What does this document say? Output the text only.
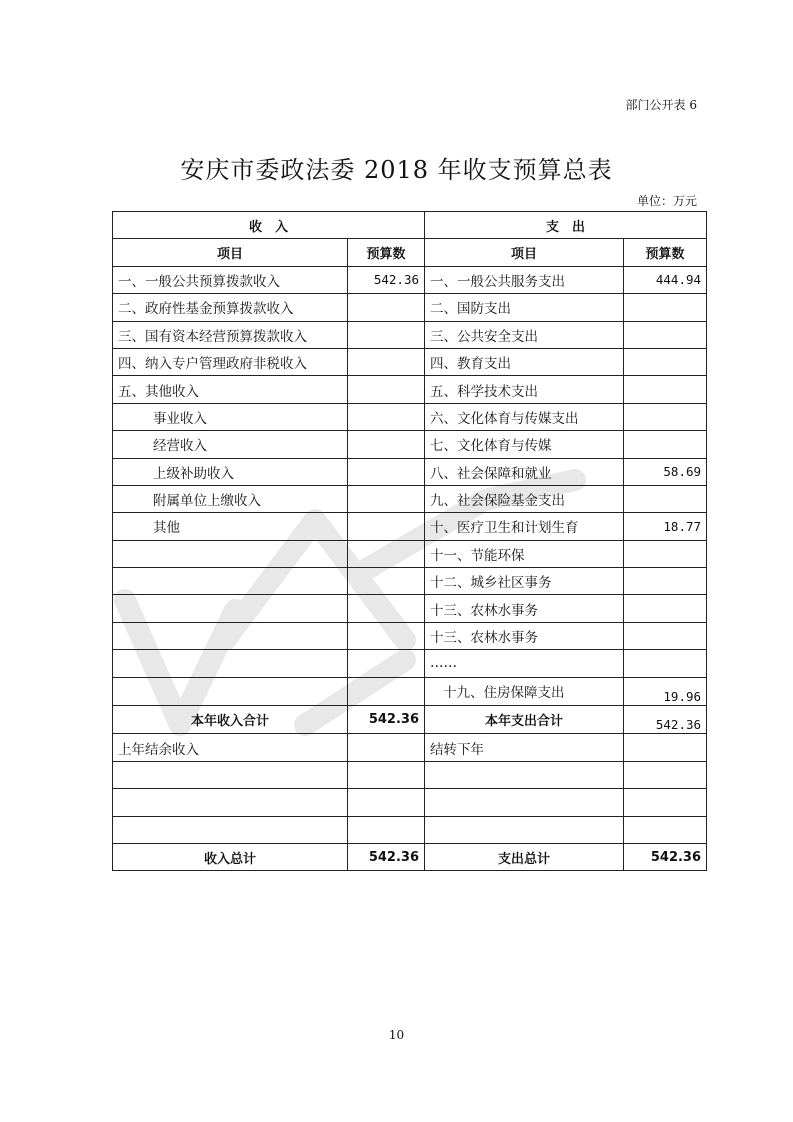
部门公开表 6
安庆市委政法委 2018 年收支预算总表
单位：万元
收　入		支　出	
项目	预算数	项目	预算数
一、一般公共预算拨款收入	542.36	一、一般公共服务支出	444.94
二、政府性基金预算拨款收入		二、国防支出	
三、国有资本经营预算拨款收入		三、公共安全支出	
四、纳入专户管理政府非税收入		四、教育支出	
五、其他收入		五、科学技术支出	
事业收入		六、文化体育与传媒支出	
经营收入		七、文化体育与传媒	
上级补助收入		八、社会保障和就业	58.69
附属单位上缴收入		九、社会保险基金支出	
其他		十、医疗卫生和计划生育	18.77
		十一、节能环保	
		十二、城乡社区事务	
		十三、农林水事务	
		十三、农林水事务	
		……	
		十九、住房保障支出	19.96
本年收入合计	542.36	本年支出合计	542.36
上年结余收入		结转下年	

收入总计	542.36	支出总计	542.36
10
